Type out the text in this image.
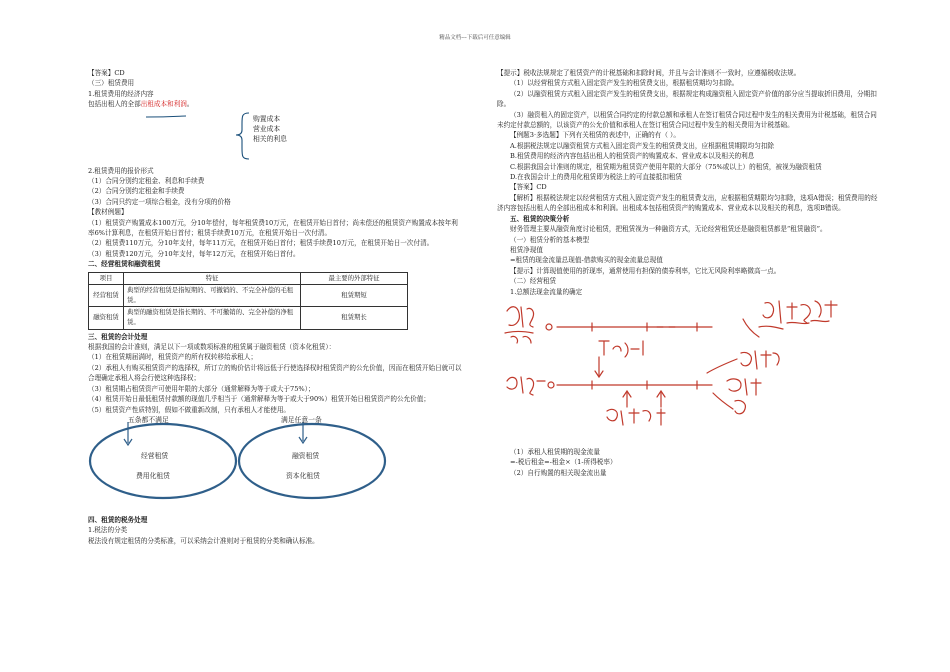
精品文档---下载后可任意编辑

【答案】CD

（三）租赁费用

1.租赁费用的经济内容

包括出租人的全部出租成本和利润。

购置成本
营业成本
相关的利息

2.租赁费用的报价形式

（1）合同分别约定租金、利息和手续费

（2）合同分别约定租金和手续费

（3）合同只约定一项综合租金，没有分项的价格

【教材例题】

（1）租赁资产购置成本100万元，分10年偿付，每年租赁费10万元，在租赁开始日首付；尚未偿还的租赁资产购置成本按年利率6%计算利息，在租赁开始日首付；租赁手续费10万元，在租赁开始日一次付清。

（2）租赁费110万元，分10年支付，每年11万元，在租赁开始日首付；租赁手续费10万元，在租赁开始日一次付清。

（3）租赁费120万元，分10年支付，每年12万元，在租赁开始日首付。

二、经营租赁和融资租赁

项目	特征	最主要的外部特征
经营租赁	典型的经营租赁是指短期的、可撤销的、不完全补偿的毛租赁。	租赁期短
融资租赁	典型的融资租赁是指长期的、不可撤销的、完全补偿的净租赁。	租赁期长

三、租赁的会计处理

根据我国的会计准则，满足以下一项或数项标准的租赁属于融资租赁（资本化租赁）：

（1）在租赁期届满时，租赁资产的所有权转移给承租人；

（2）承租人有购买租赁资产的选择权，所订立的购价估计将远低于行使选择权时租赁资产的公允价值，因而在租赁开始日就可以合理确定承租人将会行使这种选择权；

（3）租赁期占租赁资产可使用年限的大部分（通常解释为等于或大于75%）；

（4）租赁开始日最低租赁付款额的现值几乎相当于（通常解释为等于或大于90%）租赁开始日租赁资产的公允价值；

（5）租赁资产性质特别，假如不做重新改制，只有承租人才能使用。

五条都不满足	满足任意一条
经营租赁
费用化租赁
融资租赁
资本化租赁

四、租赁的税务处理

1.税法的分类

税法没有规定租赁的分类标准，可以采纳会计准则对于租赁的分类和确认标准。

【提示】税收法规规定了租赁资产的计税基础和扣除时间，并且与会计准则不一致时，应遵循税收法规。

（1）以经营租赁方式租入固定资产发生的租赁费支出，根据租赁期均匀扣除。

（2）以融资租赁方式租入固定资产发生的租赁费支出，根据规定构成融资租入固定资产价值的部分应当提取折旧费用，分期扣除。

（3）融资租入的固定资产，以租赁合同约定的付款总额和承租人在签订租赁合同过程中发生的相关费用为计税基础，租赁合同未约定付款总额的，以该资产的公允价值和承租人在签订租赁合同过程中发生的相关费用为计税基础。

【例题3·多选题】下列有关租赁的表述中，正确的有（ ）。

A.根据税法规定以融资租赁方式租入固定资产发生的租赁费支出，应根据租赁期限均匀扣除

B.租赁费用的经济内容包括出租人的租赁资产的购置成本、营业成本以及相关的利息

C.根据我国会计准则的规定，租赁期为租赁资产使用年限的大部分（75%或以上）的租赁，被视为融资租赁

D.在我国会计上的费用化租赁即为税法上的可直接抵扣租赁

【答案】CD

【解析】根据税法规定以经营租赁方式租入固定资产发生的租赁费支出，应根据租赁期限均匀扣除，选项A错误；租赁费用的经济内容包括出租人的全部出租成本和利润。出租成本包括租赁资产的购置成本、营业成本以及相关的利息，选项B错误。

五、租赁的决策分析

财务管理主要从融资角度讨论租赁，把租赁视为一种融资方式，无论经营租赁还是融资租赁都是“租赁融资”。

（一）租赁分析的基本模型

租赁净现值

=租赁的现金流量总现值-借款购买的现金流量总现值

【提示】计算现值使用的折现率，通常使用有担保的债券利率，它比无风险利率略微高一点。

（二）经营租赁

1.总额法现金流量的确定

（1）承租人租赁期的现金流量

=-税后租金=-租金×（1-所得税率）

（2）自行购置的相关现金流出量
